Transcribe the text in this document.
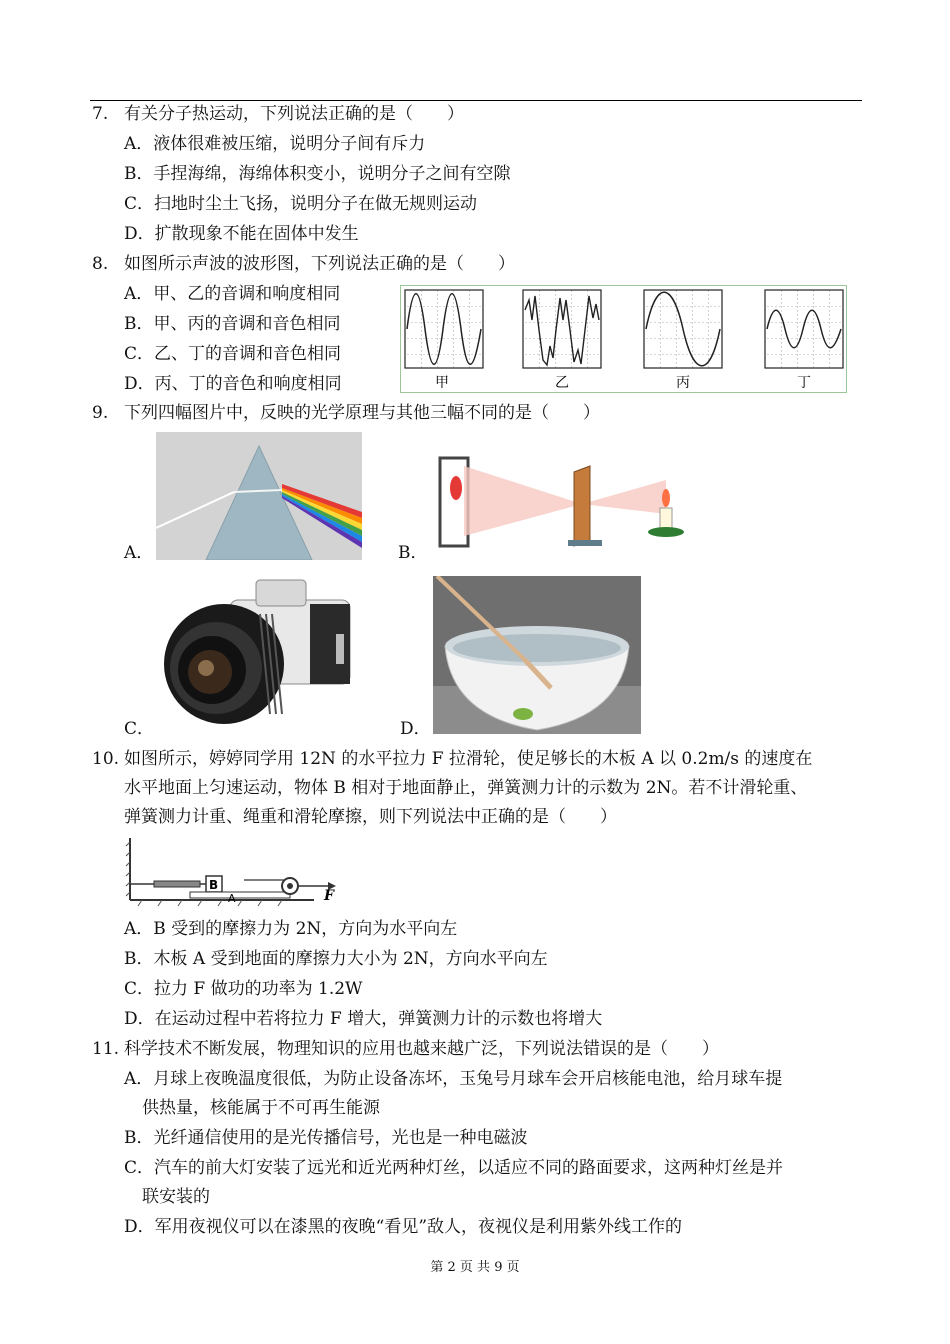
7. 有关分子热运动，下列说法正确的是（　　）
A．液体很难被压缩，说明分子间有斥力
B．手捏海绵，海绵体积变小，说明分子之间有空隙
C．扫地时尘土飞扬，说明分子在做无规则运动
D．扩散现象不能在固体中发生
8. 如图所示声波的波形图，下列说法正确的是（　　）
A．甲、乙的音调和响度相同
B．甲、丙的音调和音色相同
C．乙、丁的音调和音色相同
D．丙、丁的音色和响度相同	甲	乙	丙	丁
9. 下列四幅图片中，反映的光学原理与其他三幅不同的是（　　）
A．	B．
C．	D．
10. 如图所示，婷婷同学用 12N 的水平拉力 F 拉滑轮，使足够长的木板 A 以 0.2m/s 的速度在
水平地面上匀速运动，物体 B 相对于地面静止，弹簧测力计的示数为 2N。若不计滑轮重、
弹簧测力计重、绳重和滑轮摩擦，则下列说法中正确的是（　　）
B
A	F
A．B 受到的摩擦力为 2N，方向为水平向左
B．木板 A 受到地面的摩擦力大小为 2N，方向水平向左
C．拉力 F 做功的功率为 1.2W
D．在运动过程中若将拉力 F 增大，弹簧测力计的示数也将增大
11. 科学技术不断发展，物理知识的应用也越来越广泛，下列说法错误的是（　　）
A．月球上夜晚温度很低，为防止设备冻坏，玉兔号月球车会开启核能电池，给月球车提
供热量，核能属于不可再生能源
B．光纤通信使用的是光传播信号，光也是一种电磁波
C．汽车的前大灯安装了远光和近光两种灯丝，以适应不同的路面要求，这两种灯丝是并
联安装的
D．军用夜视仪可以在漆黑的夜晚“看见”敌人，夜视仪是利用紫外线工作的
第 2 页 共 9 页
